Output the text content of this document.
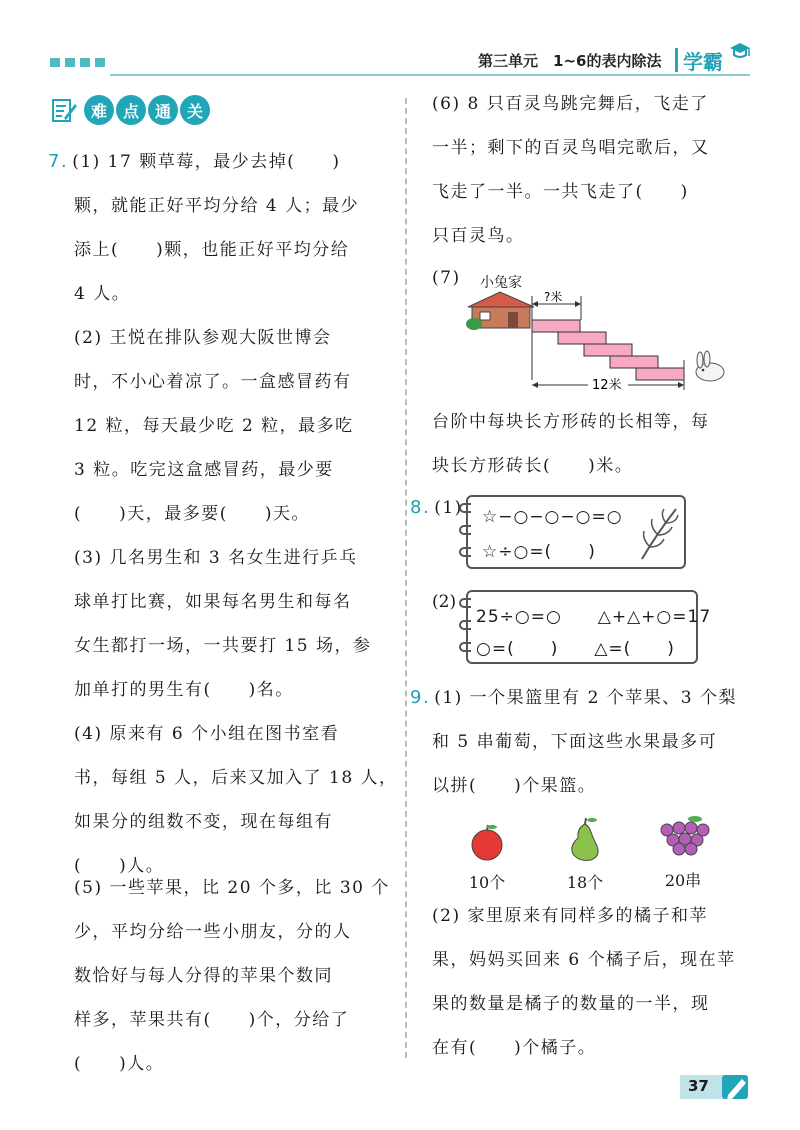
第三单元　1~6的表内除法 学霸
难 点 通 关
7. (1) 17 颗草莓，最少去掉(　　)
颗，就能正好平均分给 4 人；最少
添上(　　)颗，也能正好平均分给
4 人。
(2) 王悦在排队参观大阪世博会
时，不小心着凉了。一盒感冒药有
12 粒，每天最少吃 2 粒，最多吃
3 粒。吃完这盒感冒药，最少要
(　　)天，最多要(　　)天。
(3) 几名男生和 3 名女生进行乒乓
球单打比赛，如果每名男生和每名
女生都打一场，一共要打 15 场，参
加单打的男生有(　　)名。
(4) 原来有 6 个小组在图书室看
书，每组 5 人，后来又加入了 18 人，
如果分的组数不变，现在每组有
(　　)人。
(5) 一些苹果，比 20 个多，比 30 个
少，平均分给一些小朋友，分的人
数恰好与每人分得的苹果个数同
样多，苹果共有(　　)个，分给了
(　　)人。
(6) 8 只百灵鸟跳完舞后，飞走了
一半；剩下的百灵鸟唱完歌后，又
飞走了一半。一共飞走了(　　)
只百灵鸟。
(7)	小兔家
?米
12米
台阶中每块长方形砖的长相等，每
块长方形砖长(　　)米。
8. (1)	☆−○−○−○=○
☆÷○=(　　)
(2)
25÷○=○　　△+△+○=17
○=(　　)　　△=(　　)
9. (1) 一个果篮里有 2 个苹果、3 个梨
和 5 串葡萄，下面这些水果最多可
以拼(　　)个果篮。
10个	18个	20串
(2) 家里原来有同样多的橘子和苹
果，妈妈买回来 6 个橘子后，现在苹
果的数量是橘子的数量的一半，现
在有(　　)个橘子。
37
